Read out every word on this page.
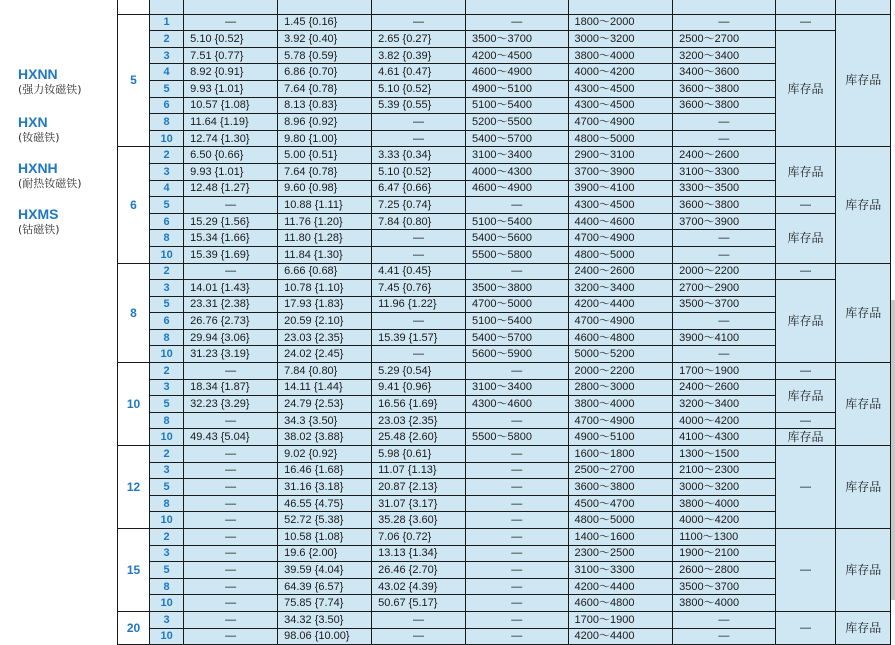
HXNN
(强力钕磁铁)
HXN
(钕磁铁)
HXNH
(耐热钕磁铁)
HXMS
(钴磁铁)

5	1	—	1.45 {0.16}	—	—	1800～2000	—	—	库存品
	2	5.10 {0.52}	3.92 {0.40}	2.65 {0.27}	3500～3700	3000～3200	2500～2700	库存品	
	3	7.51 {0.77}	5.78 {0.59}	3.82 {0.39}	4200～4500	3800～4000	3200～3400		
	4	8.92 {0.91}	6.86 {0.70}	4.61 {0.47}	4600～4900	4000～4200	3400～3600		
	5	9.93 {1.01}	7.64 {0.78}	5.10 {0.52}	4900～5100	4300～4500	3600～3800		
	6	10.57 {1.08}	8.13 {0.83}	5.39 {0.55}	5100～5400	4300～4500	3600～3800		
	8	11.64 {1.19}	8.96 {0.92}	—	5200～5500	4700～4900	—		
	10	12.74 {1.30}	9.80 {1.00}	—	5400～5700	4800～5000	—		
6	2	6.50 {0.66}	5.00 {0.51}	3.33 {0.34}	3100～3400	2900～3100	2400～2600	库存品	库存品
	3	9.93 {1.01}	7.64 {0.78}	5.10 {0.52}	4000～4300	3700～3900	3100～3300		
	4	12.48 {1.27}	9.60 {0.98}	6.47 {0.66}	4600～4900	3900～4100	3300～3500		
	5	—	10.88 {1.11}	7.25 {0.74}	—	4300～4500	3600～3800	—	
	6	15.29 {1.56}	11.76 {1.20}	7.84 {0.80}	5100～5400	4400～4600	3700～3900	库存品	
	8	15.34 {1.66}	11.80 {1.28}	—	5400～5600	4700～4900	—		
	10	15.39 {1.69}	11.84 {1.30}	—	5500～5800	4800～5000	—		
8	2	—	6.66 {0.68}	4.41 {0.45}	—	2400～2600	2000～2200	—	库存品
	3	14.01 {1.43}	10.78 {1.10}	7.45 {0.76}	3500～3800	3200～3400	2700～2900	库存品	
	5	23.31 {2.38}	17.93 {1.83}	11.96 {1.22}	4700～5000	4200～4400	3500～3700		
	6	26.76 {2.73}	20.59 {2.10}	—	5100～5400	4700～4900	—		
	8	29.94 {3.06}	23.03 {2.35}	15.39 {1.57}	5400～5700	4600～4800	3900～4100		
	10	31.23 {3.19}	24.02 {2.45}	—	5600～5900	5000～5200	—		
10	2	—	7.84 {0.80}	5.29 {0.54}	—	2000～2200	1700～1900	—	库存品
	3	18.34 {1.87}	14.11 {1.44}	9.41 {0.96}	3100～3400	2800～3000	2400～2600	库存品	
	5	32.23 {3.29}	24.79 {2.53}	16.56 {1.69}	4300～4600	3800～4000	3200～3400		
	8	—	34.3 {3.50}	23.03 {2.35}	—	4700～4900	4000～4200	—	
	10	49.43 {5.04}	38.02 {3.88}	25.48 {2.60}	5500～5800	4900～5100	4100～4300	库存品	
12	2	—	9.02 {0.92}	5.98 {0.61}	—	1600～1800	1300～1500	—	库存品
	3	—	16.46 {1.68}	11.07 {1.13}	—	2500～2700	2100～2300		
	5	—	31.16 {3.18}	20.87 {2.13}	—	3600～3800	3000～3200		
	8	—	46.55 {4.75}	31.07 {3.17}	—	4500～4700	3800～4000		
	10	—	52.72 {5.38}	35.28 {3.60}	—	4800～5000	4000～4200		
15	2	—	10.58 {1.08}	7.06 {0.72}	—	1400～1600	1100～1300	—	库存品
	3	—	19.6 {2.00}	13.13 {1.34}	—	2300～2500	1900～2100		
	5	—	39.59 {4.04}	26.46 {2.70}	—	3100～3300	2600～2800		
	8	—	64.39 {6.57}	43.02 {4.39}	—	4200～4400	3500～3700		
	10	—	75.85 {7.74}	50.67 {5.17}	—	4600～4800	3800～4000		
20	3	—	34.32 {3.50}	—	—	1700～1900	—	—	库存品
	10	—	98.06 {10.00}	—	—	4200～4400	—		
